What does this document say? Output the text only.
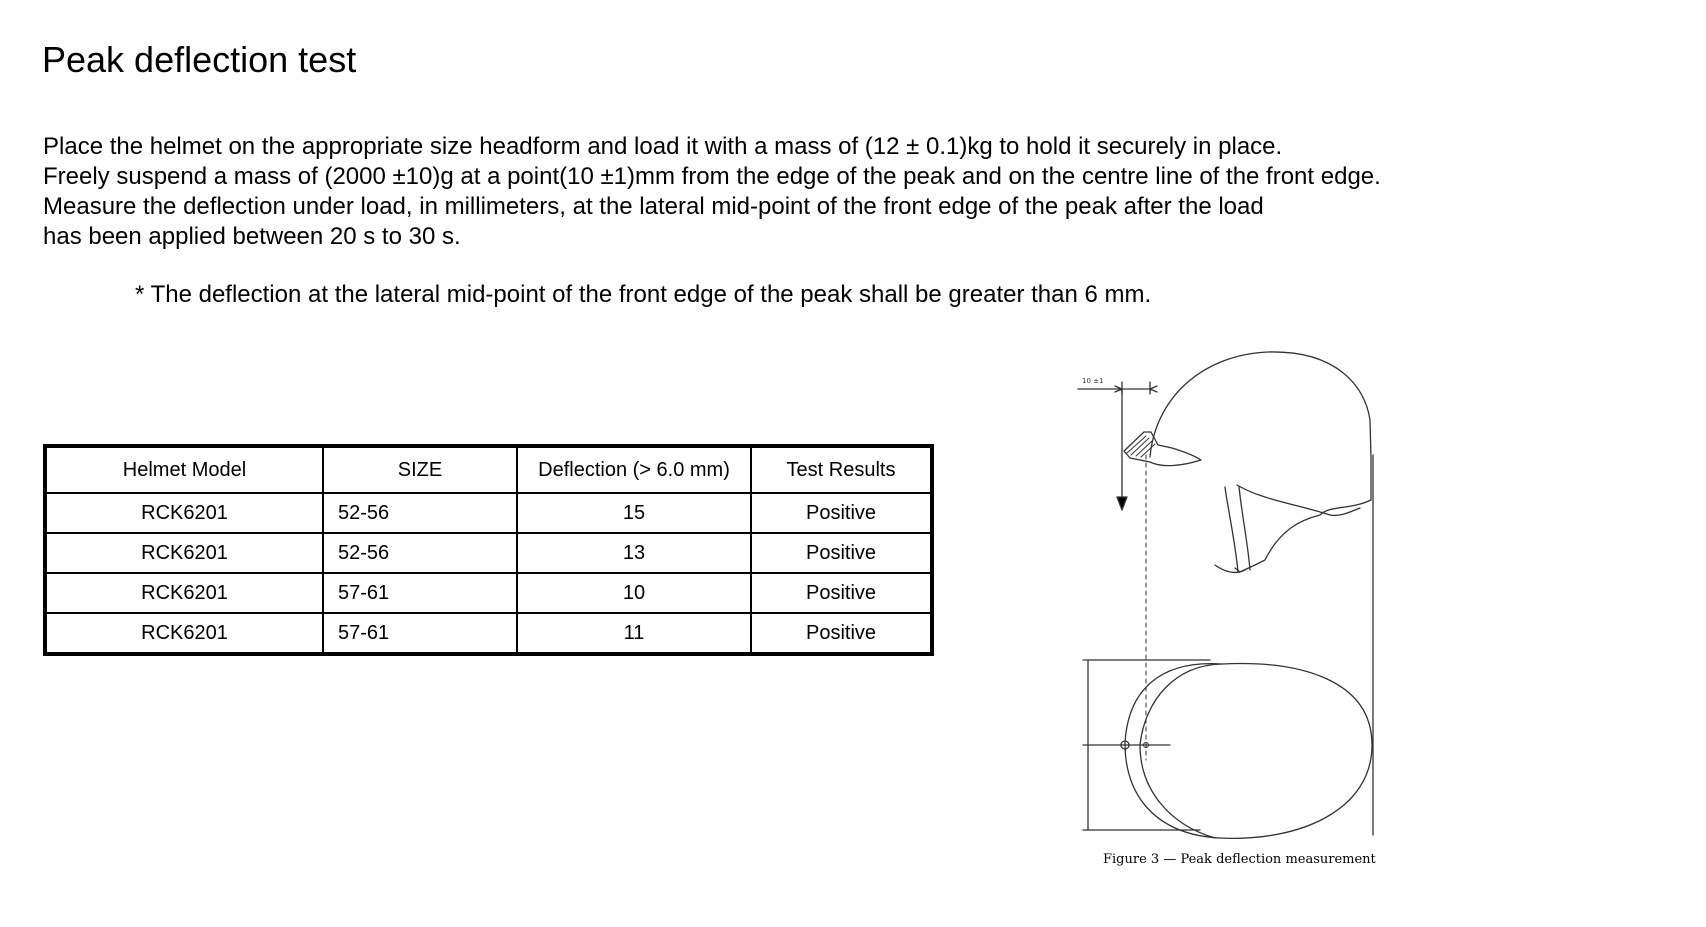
Peak deflection test

Place the helmet on the appropriate size headform and load it with a mass of (12 ± 0.1)kg to hold it securely in place.

Freely suspend a mass of (2000 ±10)g at a point(10 ±1)mm from the edge of the peak and on the centre line of the front edge.

Measure the deflection under load, in millimeters, at the lateral mid-point of the front edge of the peak after the load

has been applied between 20 s to 30 s.

* The deflection at the lateral mid-point of the front edge of the peak shall be greater than 6 mm.

Helmet Model	SIZE	Deflection (> 6.0 mm)	Test Results
RCK6201	52-56	15	Positive
RCK6201	52-56	13	Positive
RCK6201	57-61	10	Positive
RCK6201	57-61	11	Positive
10 ±1

Figure 3 — Peak deflection measurement
